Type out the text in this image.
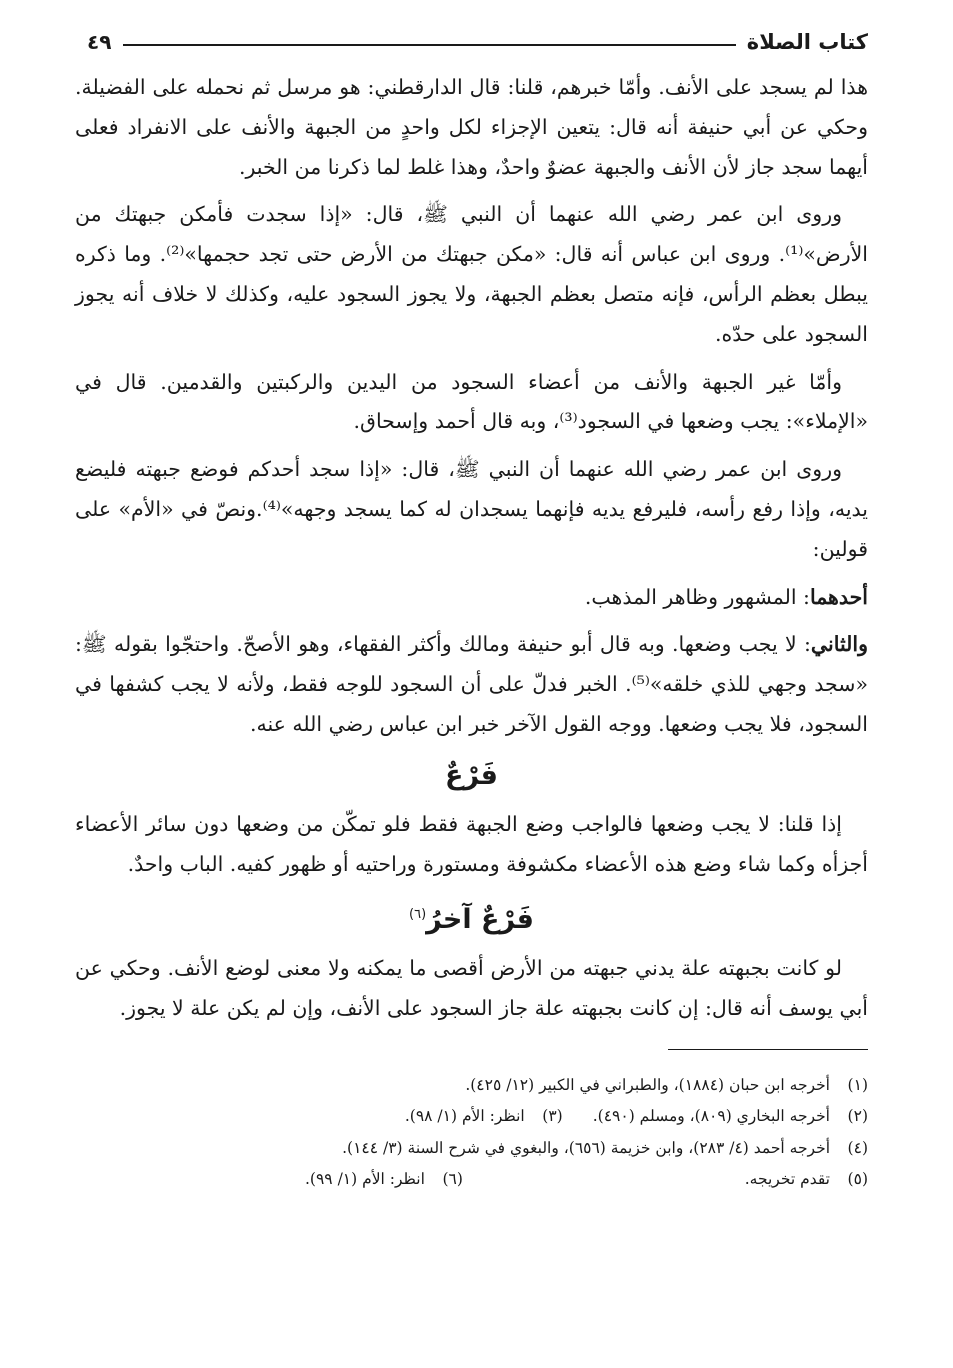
كتاب الصلاة
٤٩

هذا لم يسجد على الأنف. وأمّا خبرهم، قلنا: قال الدارقطني: هو مرسل ثم نحمله على الفضيلة. وحكي عن أبي حنيفة أنه قال: يتعين الإجزاء لكل واحدٍ من الجبهة والأنف على الانفراد فعلى أيهما سجد جاز لأن الأنف والجبهة عضوٌ واحدٌ، وهذا غلط لما ذكرنا من الخبر.

وروى ابن عمر رضي الله عنهما أن النبي ﷺ، قال: «إذا سجدت فأمكن جبهتك من الأرض»⁽¹⁾. وروى ابن عباس أنه قال: «مكن جبهتك من الأرض حتى تجد حجمها»⁽²⁾. وما ذكره يبطل بعظم الرأس، فإنه متصل بعظم الجبهة، ولا يجوز السجود عليه، وكذلك لا خلاف أنه يجوز السجود على حدّه.

وأمّا غير الجبهة والأنف من أعضاء السجود من اليدين والركبتين والقدمين. قال في «الإملاء»: يجب وضعها في السجود⁽³⁾، وبه قال أحمد وإسحاق.

وروى ابن عمر رضي الله عنهما أن النبي ﷺ، قال: «إذا سجد أحدكم فوضع جبهته فليضع يديه، وإذا رفع رأسه، فليرفع يديه فإنهما يسجدان له كما يسجد وجهه»⁽⁴⁾.ونصّ في «الأم» على قولين:

أحدهما: المشهور وظاهر المذهب.

والثاني: لا يجب وضعها. وبه قال أبو حنيفة ومالك وأكثر الفقهاء، وهو الأصحّ. واحتجّوا بقوله ﷺ: «سجد وجهي للذي خلقه»⁽⁵⁾. الخبر فدلّ على أن السجود للوجه فقط، ولأنه لا يجب كشفها في السجود، فلا يجب وضعها. ووجه القول الآخر خبر ابن عباس رضي الله عنه.

فَرْعٌ

إذا قلنا: لا يجب وضعها فالواجب وضع الجبهة فقط فلو تمكّن من وضعها دون سائر الأعضاء أجزأه وكما شاء وضع هذه الأعضاء مكشوفة ومستورة وراحتيه أو ظهور كفيه. الباب واحدٌ.

فَرْعٌ آخرُ$^{(٦)}$

لو كانت بجبهته علة يدني جبهته من الأرض أقصى ما يمكنه ولا معنى لوضع الأنف. وحكي عن أبي يوسف أنه قال: إن كانت بجبهته علة جاز السجود على الأنف، وإن لم يكن علة لا يجوز.

(١)
أخرجه ابن حبان (١٨٨٤)، والطبراني في الكبير (١٢/ ٤٢٥).
(٢)
أخرجه البخاري (٨٠٩)، ومسلم (٤٩٠).
(٣)
انظر: الأم (١/ ٩٨).
(٤)
أخرجه أحمد (٤/ ٢٨٣)، وابن خزيمة (٦٥٦)، والبغوي في شرح السنة (٣/ ١٤٤).
(٥)
تقدم تخريجه.
(٦)
انظر: الأم (١/ ٩٩).
